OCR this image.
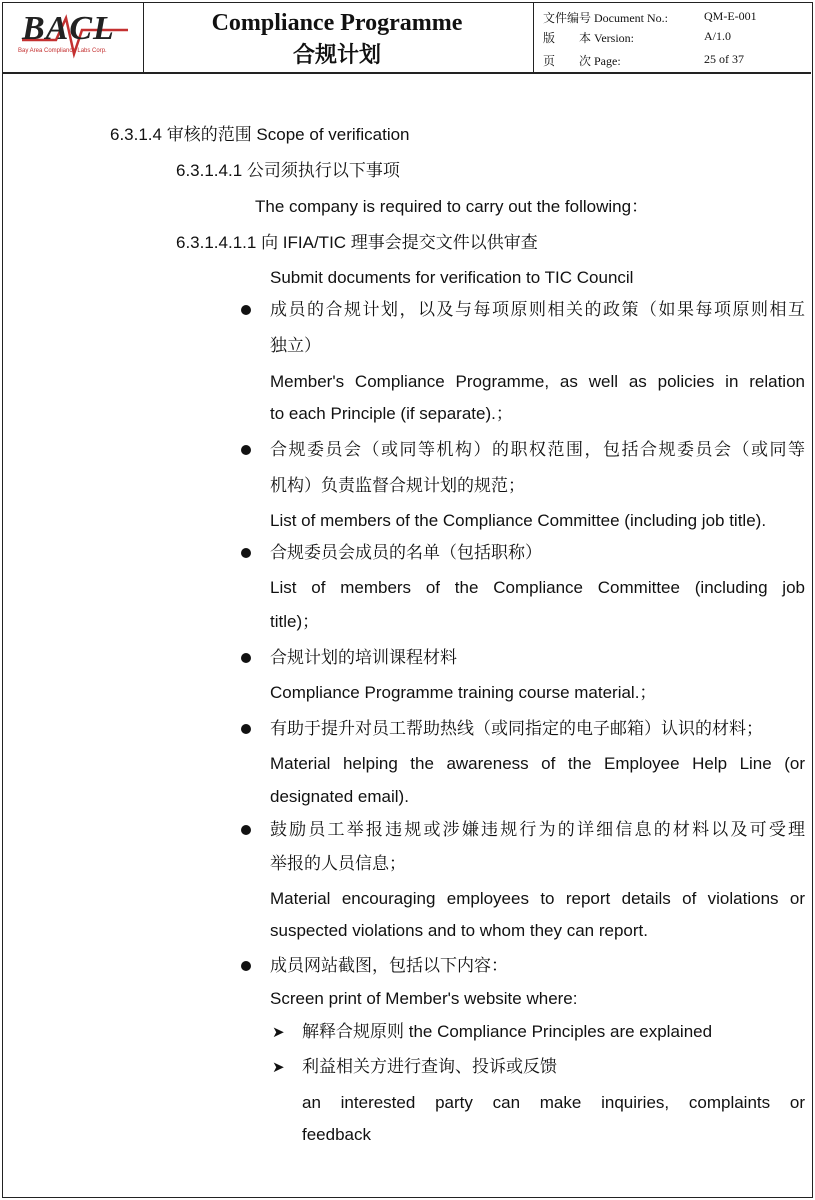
BACL
Bay Area Compliance Labs Corp.
Compliance Programme
合规计划
文件编号 Document No.:	QM-E-001
版　　本 Version:	A/1.0
页　　次 Page:	25 of 37
6.3.1.4 审核的范围 Scope of verification
6.3.1.4.1 公司须执行以下事项
The company is required to carry out the following：
6.3.1.4.1.1 向 IFIA/TIC 理事会提交文件以供审查
Submit documents for verification to TIC Council
成员的合规计划，以及与每项原则相关的政策（如果每项原则相互
独立）
Member's Compliance Programme, as well as policies in relation
to each Principle (if separate).；
合规委员会（或同等机构）的职权范围，包括合规委员会（或同等
机构）负责监督合规计划的规范；
List of members of the Compliance Committee (including job title).
合规委员会成员的名单（包括职称）
List of members of the Compliance Committee (including job
title)；
合规计划的培训课程材料
Compliance Programme training course material.；
有助于提升对员工帮助热线（或同指定的电子邮箱）认识的材料；
Material helping the awareness of the Employee Help Line (or
designated email).
鼓励员工举报违规或涉嫌违规行为的详细信息的材料以及可受理
举报的人员信息；
Material encouraging employees to report details of violations or
suspected violations and to whom they can report.
成员网站截图，包括以下内容：
Screen print of Member's website where:
➤ 解释合规原则 the Compliance Principles are explained
➤ 利益相关方进行查询、投诉或反馈
an interested party can make inquiries, complaints or
feedback
